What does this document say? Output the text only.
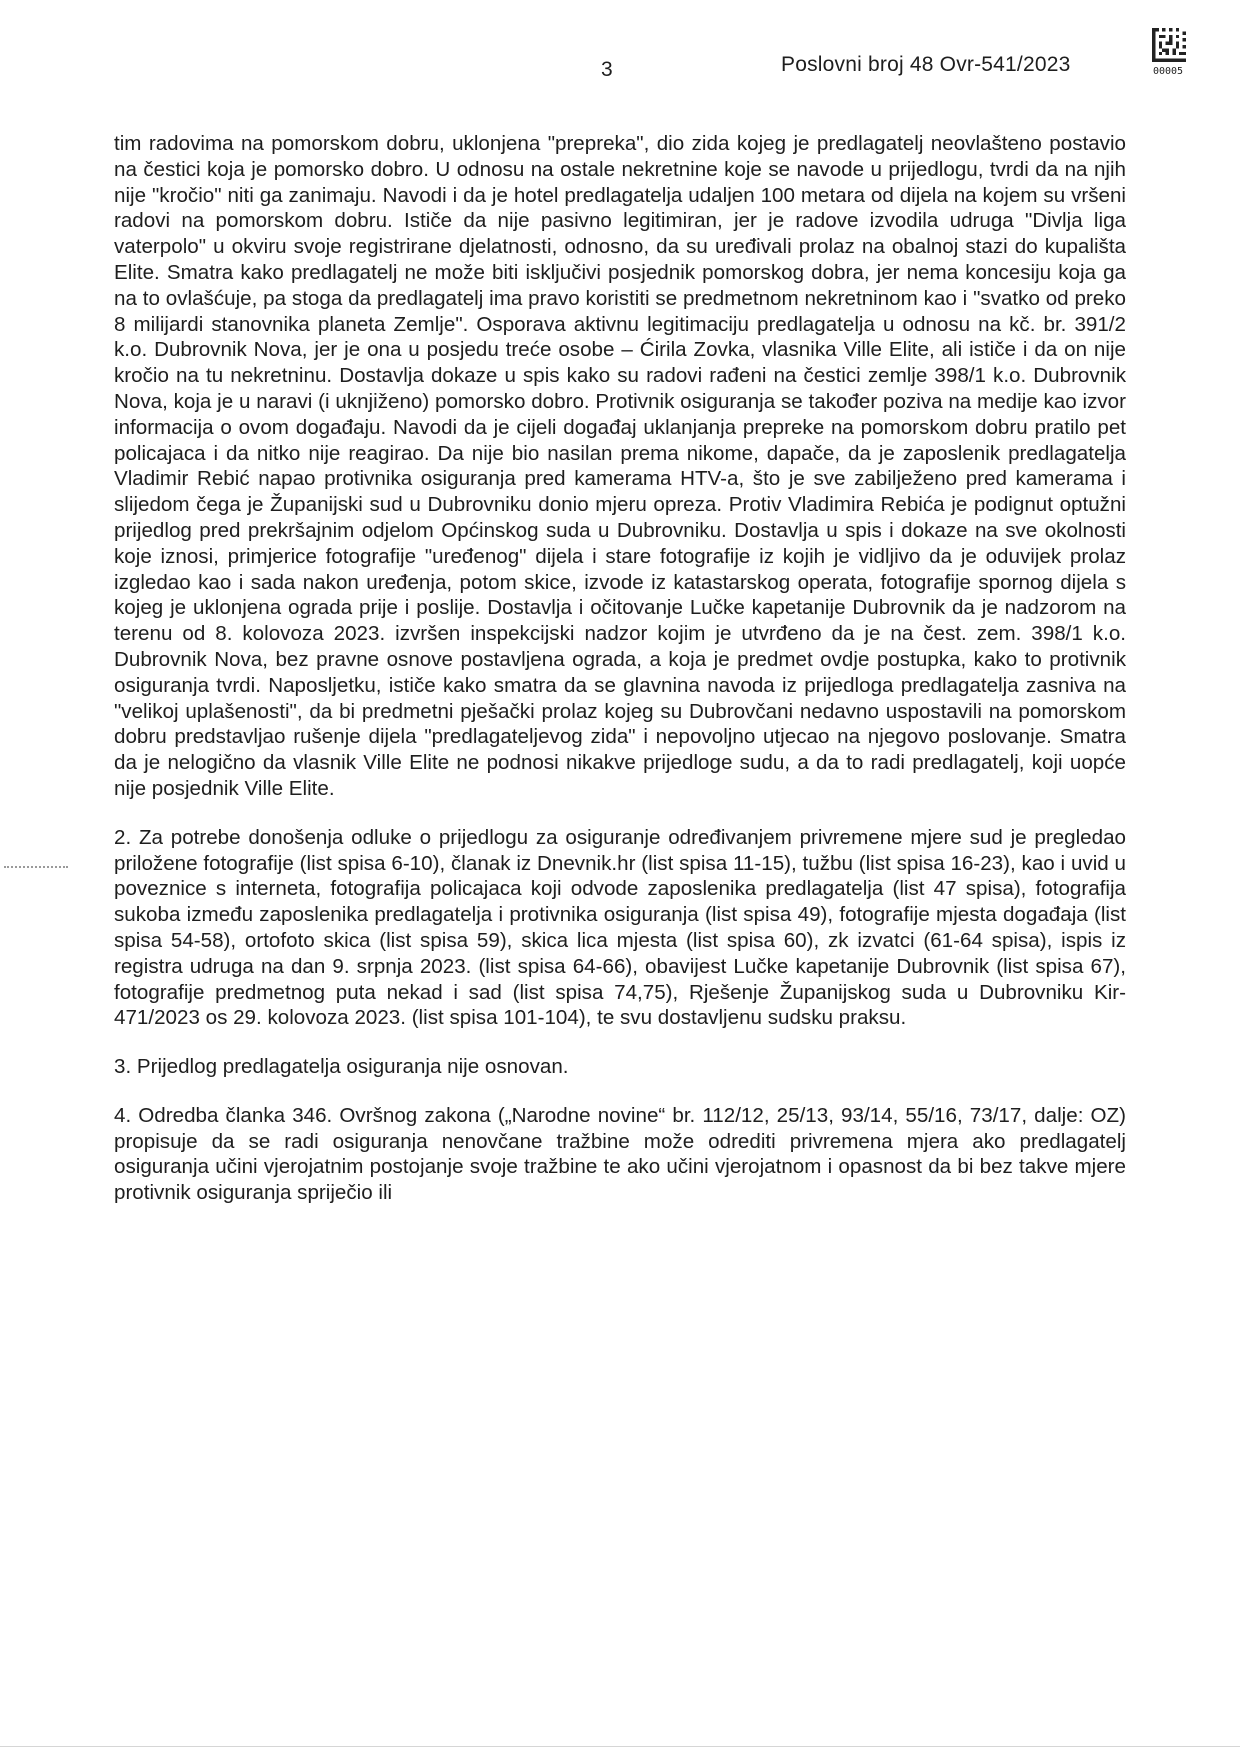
3	Poslovni broj 48 Ovr-541/2023	00005

tim radovima na pomorskom dobru, uklonjena "prepreka", dio zida kojeg je predlagatelj neovlašteno postavio na čestici koja je pomorsko dobro. U odnosu na ostale nekretnine koje se navode u prijedlogu, tvrdi da na njih nije "kročio" niti ga zanimaju. Navodi i da je hotel predlagatelja udaljen 100 metara od dijela na kojem su vršeni radovi na pomorskom dobru. Ističe da nije pasivno legitimiran, jer je radove izvodila udruga "Divlja liga vaterpolo" u okviru svoje registrirane djelatnosti, odnosno, da su uređivali prolaz na obalnoj stazi do kupališta Elite. Smatra kako predlagatelj ne može biti isključivi posjednik pomorskog dobra, jer nema koncesiju koja ga na to ovlašćuje, pa stoga da predlagatelj ima pravo koristiti se predmetnom nekretninom kao i "svatko od preko 8 milijardi stanovnika planeta Zemlje". Osporava aktivnu legitimaciju predlagatelja u odnosu na kč. br. 391/2 k.o. Dubrovnik Nova, jer je ona u posjedu treće osobe – Ćirila Zovka, vlasnika Ville Elite, ali ističe i da on nije kročio na tu nekretninu. Dostavlja dokaze u spis kako su radovi rađeni na čestici zemlje 398/1 k.o. Dubrovnik Nova, koja je u naravi (i uknjiženo) pomorsko dobro. Protivnik osiguranja se također poziva na medije kao izvor informacija o ovom događaju. Navodi da je cijeli događaj uklanjanja prepreke na pomorskom dobru pratilo pet policajaca i da nitko nije reagirao. Da nije bio nasilan prema nikome, dapače, da je zaposlenik predlagatelja Vladimir Rebić napao protivnika osiguranja pred kamerama HTV-a, što je sve zabilježeno pred kamerama i slijedom čega je Županijski sud u Dubrovniku donio mjeru opreza. Protiv Vladimira Rebića je podignut optužni prijedlog pred prekršajnim odjelom Općinskog suda u Dubrovniku. Dostavlja u spis i dokaze na sve okolnosti koje iznosi, primjerice fotografije "uređenog" dijela i stare fotografije iz kojih je vidljivo da je oduvijek prolaz izgledao kao i sada nakon uređenja, potom skice, izvode iz katastarskog operata, fotografije spornog dijela s kojeg je uklonjena ograda prije i poslije. Dostavlja i očitovanje Lučke kapetanije Dubrovnik da je nadzorom na terenu od 8. kolovoza 2023. izvršen inspekcijski nadzor kojim je utvrđeno da je na čest. zem. 398/1 k.o. Dubrovnik Nova, bez pravne osnove postavljena ograda, a koja je predmet ovdje postupka, kako to protivnik osiguranja tvrdi. Naposljetku, ističe kako smatra da se glavnina navoda iz prijedloga predlagatelja zasniva na "velikoj uplašenosti", da bi predmetni pješački prolaz kojeg su Dubrovčani nedavno uspostavili na pomorskom dobru predstavljao rušenje dijela "predlagateljevog zida" i nepovoljno utjecao na njegovo poslovanje. Smatra da je nelogično da vlasnik Ville Elite ne podnosi nikakve prijedloge sudu, a da to radi predlagatelj, koji uopće nije posjednik Ville Elite.

2. Za potrebe donošenja odluke o prijedlogu za osiguranje određivanjem privremene mjere sud je pregledao priložene fotografije (list spisa 6-10), članak iz Dnevnik.hr (list spisa 11-15), tužbu (list spisa 16-23), kao i uvid u poveznice s interneta, fotografija policajaca koji odvode zaposlenika predlagatelja (list 47 spisa), fotografija sukoba između zaposlenika predlagatelja i protivnika osiguranja (list spisa 49), fotografije mjesta događaja (list spisa 54-58), ortofoto skica (list spisa 59), skica lica mjesta (list spisa 60), zk izvatci (61-64 spisa), ispis iz registra udruga na dan 9. srpnja 2023. (list spisa 64-66), obavijest Lučke kapetanije Dubrovnik (list spisa 67), fotografije predmetnog puta nekad i sad (list spisa 74,75), Rješenje Županijskog suda u Dubrovniku Kir-471/2023 os 29. kolovoza 2023. (list spisa 101-104), te svu dostavljenu sudsku praksu.

3. Prijedlog predlagatelja osiguranja nije osnovan.

4. Odredba članka 346. Ovršnog zakona („Narodne novine“ br. 112/12, 25/13, 93/14, 55/16, 73/17, dalje: OZ) propisuje da se radi osiguranja nenovčane tražbine može odrediti privremena mjera ako predlagatelj osiguranja učini vjerojatnim postojanje svoje tražbine te ako učini vjerojatnom i opasnost da bi bez takve mjere protivnik osiguranja spriječio ili
